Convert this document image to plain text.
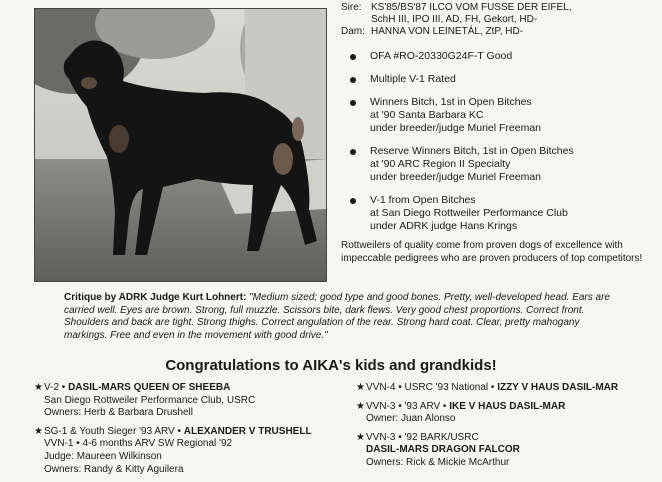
Sire: KS'85/BS'87 ILCO VOM FUSSE DER EIFEL,
SchH III, IPO III, AD, FH, Gekort, HD-
Dam: HANNA VON LEINETÁL, ZtP, HD-
OFA #RO-20330G24F-T Good
Multiple V-1 Rated
Winners Bitch, 1st in Open Bitches
at '90 Santa Barbara KC
under breeder/judge Muriel Freeman
Reserve Winners Bitch, 1st in Open Bitches
at '90 ARC Region II Specialty
under breeder/judge Muriel Freeman
V-1 from Open Bitches
at San Diego Rottweiler Performance Club
under ADRK judge Hans Krings
Rottweilers of quality come from proven dogs of excellence with impeccable pedigrees who are proven producers of top competitors!
Critique by ADRK Judge Kurt Lohnert: "Medium sized; good type and good bones. Pretty, well-developed head. Ears are carried well. Eyes are brown. Strong, full muzzle. Scissors bite, dark flews. Very good chest proportions. Correct front. Shoulders and back are tight. Strong thighs. Correct angulation of the rear. Strong hard coat. Clear, pretty mahogany markings. Free and even in the movement with good drive."
Congratulations to AIKA's kids and grandkids!
★V-2 • DASIL-MARS QUEEN OF SHEEBA
San Diego Rottweiler Performance Club, USRC
Owners: Herb & Barbara Drushell
★SG-1 & Youth Sieger '93 ARV • ALEXANDER V TRUSHELL
VVN-1 • 4-6 months ARV SW Regional '92
Judge: Maureen Wilkinson
Owners: Randy & Kitty Aguilera
★VVN-4 • USRC '93 National • IZZY V HAUS DASIL-MAR
★VVN-3 • '93 ARV • IKE V HAUS DASIL-MAR
Owner: Juan Alonso
★VVN-3 • '92 BARK/USRC
DASIL-MARS DRAGON FALCOR
Owners: Rick & Mickie McArthur
